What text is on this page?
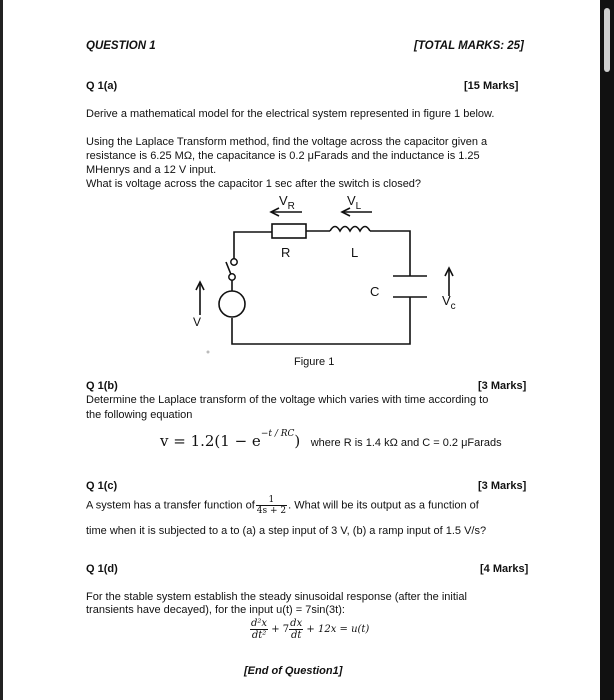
QUESTION 1	[TOTAL MARKS: 25]
Q 1(a)	[15 Marks]
Derive a mathematical model for the electrical system represented in figure 1 below.
Using the Laplace Transform method, find the voltage across the capacitor given a
resistance is 6.25 MΩ, the capacitance is 0.2 μFarads and the inductance is 1.25
MHenrys and a 12 V input.
What is voltage across the capacitor 1 sec after the switch is closed?
$V_R$	$V_L$
R	L
C
$V_c$
V
Figure 1
Q 1(b)	[3 Marks]
Determine the Laplace transform of the voltage which varies with time according to
the following equation
$v = 1.2(1 - e^{-t / RC})$ where R is 1.4 kΩ and C = 0.2 μFarads
Q 1(c)	[3 Marks]
A system has a transfer function of $\frac{1}{4s + 2}$ . What will be its output as a function of
time when it is subjected to a to (a) a step input of 3 V, (b) a ramp input of 1.5 V/s?
Q 1(d)	[4 Marks]
For the stable system establish the steady sinusoidal response (after the initial
transients have decayed), for the input u(t) = 7sin(3t):
$\frac{\text{d²x}}{\text{dt²}} + 7 \frac{dx}{dt} + 12x = u(t)$
[End of Question1]
